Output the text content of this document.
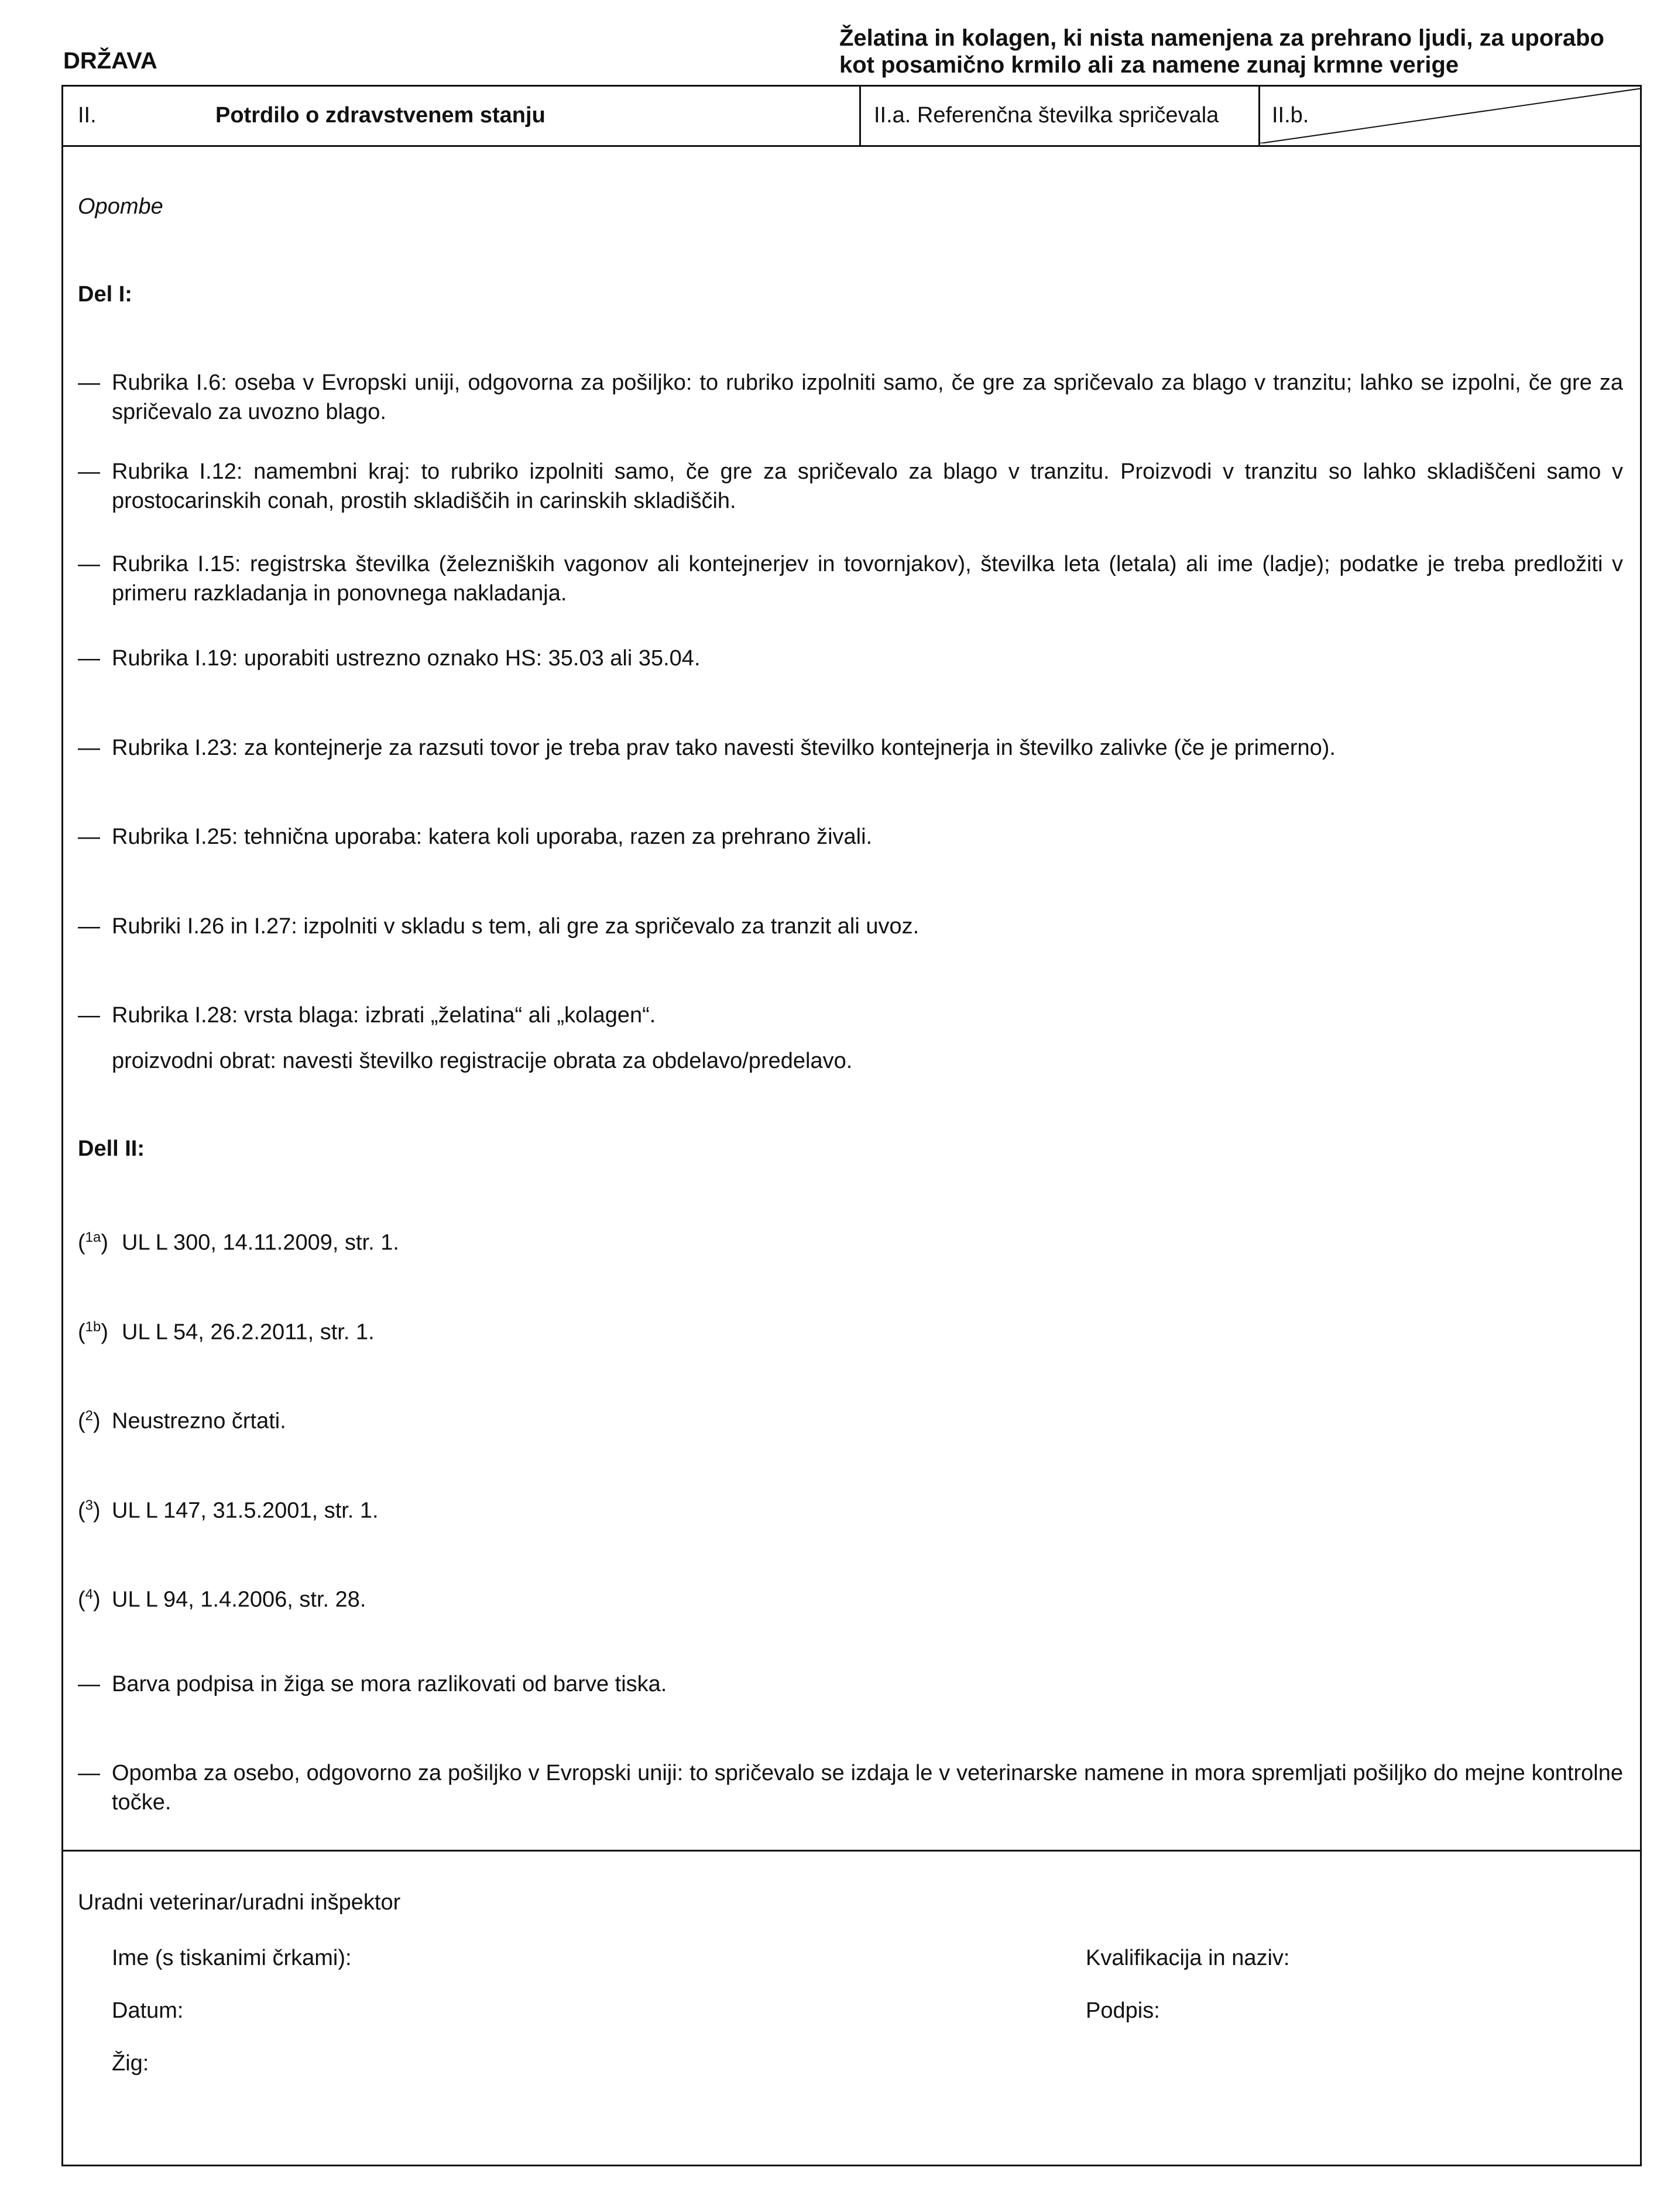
DRŽAVA
Želatina in kolagen, ki nista namenjena za prehrano ljudi, za uporabo
kot posamično krmilo ali za namene zunaj krmne verige
II.	Potrdilo o zdravstvenem stanju	II.a. Referenčna številka spričevala II.b.
Opombe
Del I:
— Rubrika I.6: oseba v Evropski uniji, odgovorna za pošiljko: to rubriko izpolniti samo, če gre za spričevalo za blago v tranzitu; lahko se izpolni, če gre za spričevalo za uvozno blago.
— Rubrika I.12: namembni kraj: to rubriko izpolniti samo, če gre za spričevalo za blago v tranzitu. Proizvodi v tranzitu so lahko skladiščeni samo v prostocarinskih conah, prostih skladiščih in carinskih skladiščih.
— Rubrika I.15: registrska številka (železniških vagonov ali kontejnerjev in tovornjakov), številka leta (letala) ali ime (ladje); podatke je treba predložiti v primeru razkladanja in ponovnega nakladanja.
— Rubrika I.19: uporabiti ustrezno oznako HS: 35.03 ali 35.04.
— Rubrika I.23: za kontejnerje za razsuti tovor je treba prav tako navesti številko kontejnerja in številko zalivke (če je primerno).
— Rubrika I.25: tehnična uporaba: katera koli uporaba, razen za prehrano živali.
— Rubriki I.26 in I.27: izpolniti v skladu s tem, ali gre za spričevalo za tranzit ali uvoz.
— Rubrika I.28: vrsta blaga: izbrati „želatina“ ali „kolagen“.
proizvodni obrat: navesti številko registracije obrata za obdelavo/predelavo.
Dell II:
($^{1a}$) UL L 300, 14.11.2009, str. 1.
($^{1b}$) UL L 54, 26.2.2011, str. 1.
($^2$) Neustrezno črtati.
($^3$) UL L 147, 31.5.2001, str. 1.
($^4$) UL L 94, 1.4.2006, str. 28.
— Barva podpisa in žiga se mora razlikovati od barve tiska.
— Opomba za osebo, odgovorno za pošiljko v Evropski uniji: to spričevalo se izdaja le v veterinarske namene in mora spremljati pošiljko do mejne kontrolne točke.
Uradni veterinar/uradni inšpektor
Ime (s tiskanimi črkami):	Kvalifikacija in naziv:
Datum:	Podpis:
Žig:
